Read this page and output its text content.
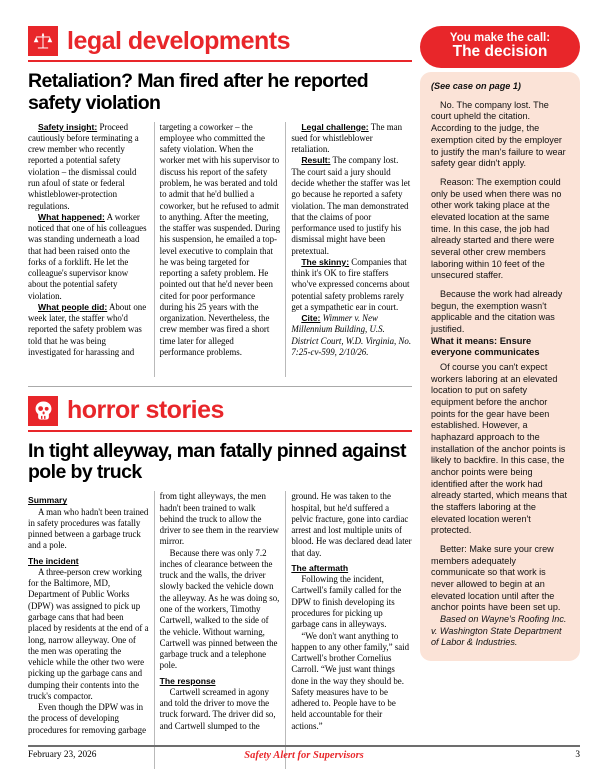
legal developments
Retaliation? Man fired after he reported safety violation

Safety insight: Proceed cautiously before terminating a crew member who recently reported a potential safety violation – the dismissal could run afoul of state or federal whistleblower-protection regulations.

What happened: A worker noticed that one of his colleagues was standing underneath a load that had been raised onto the forks of a forklift. He let the colleague's supervisor know about the potential safety violation.

What people did: About one week later, the staffer who'd reported the safety problem was told that he was being investigated for harassing and targeting a coworker – the employee who committed the safety violation. When the worker met with his supervisor to discuss his report of the safety problem, he was berated and told to admit that he'd bullied a coworker, but he refused to admit to anything. After the meeting, the staffer was suspended. During his suspension, he emailed a top-level executive to complain that he was being targeted for reporting a safety problem. He pointed out that he'd never been cited for poor performance during his 25 years with the organization. Nevertheless, the crew member was fired a short time later for alleged performance problems.

Legal challenge: The man sued for whistleblower retaliation.

Result: The company lost. The court said a jury should decide whether the staffer was let go because he reported a safety violation. The man demonstrated that the claims of poor performance used to justify his dismissal might have been pretextual.

The skinny: Companies that think it's OK to fire staffers who've expressed concerns about potential safety problems rarely get a sympathetic ear in court.

Cite: Wimmer v. New Millennium Building, U.S. District Court, W.D. Virginia, No. 7:25-cv-599, 2/10/26.

horror stories
In tight alleyway, man fatally pinned against pole by truck

Summary

A man who hadn't been trained in safety procedures was fatally pinned between a garbage truck and a pole.

The incident

A three-person crew working for the Baltimore, MD, Department of Public Works (DPW) was assigned to pick up garbage cans that had been placed by residents at the end of a long, narrow alleyway. One of the men was operating the vehicle while the other two were picking up the garbage cans and dumping their contents into the truck's compactor.

Even though the DPW was in the process of developing procedures for removing garbage from tight alleyways, the men hadn't been trained to walk behind the truck to allow the driver to see them in the rearview mirror.

Because there was only 7.2 inches of clearance between the truck and the walls, the driver slowly backed the vehicle down the alleyway. As he was doing so, one of the workers, Timothy Cartwell, walked to the side of the vehicle. Without warning, Cartwell was pinned between the garbage truck and a telephone pole.

The response

Cartwell screamed in agony and told the driver to move the truck forward. The driver did so, and Cartwell slumped to the ground. He was taken to the hospital, but he'd suffered a pelvic fracture, gone into cardiac arrest and lost multiple units of blood. He was declared dead later that day.

The aftermath

Following the incident, Cartwell's family called for the DPW to finish developing its procedures for picking up garbage cans in alleyways.

“We don't want anything to happen to any other family,” said Cartwell's brother Cornelius Carroll. “We just want things done in the way they should be. Safety measures have to be adhered to. People have to be held accountable for their actions.”

You make the call:
The decision

(See case on page 1)

No. The company lost. The court upheld the citation. According to the judge, the exemption cited by the employer to justify the man's failure to wear safety gear didn't apply.

Reason: The exemption could only be used when there was no other work taking place at the elevated location at the same time. In this case, the job had already started and there were several other crew members laboring within 10 feet of the unsecured staffer.

Because the work had already begun, the exemption wasn't applicable and the citation was justified.

What it means: Ensure everyone communicates

Of course you can't expect workers laboring at an elevated location to put on safety equipment before the anchor points for the gear have been established. However, a haphazard approach to the installation of the anchor points is likely to backfire. In this case, the anchor points were being identified after the work had already started, which means that the staffers laboring at the elevated location weren't protected.

Better: Make sure your crew members adequately communicate so that work is never allowed to begin at an elevated location until after the anchor points have been set up.

Based on Wayne's Roofing Inc. v. Washington State Department of Labor & Industries.

February 23, 2026	Safety Alert for Supervisors	3
